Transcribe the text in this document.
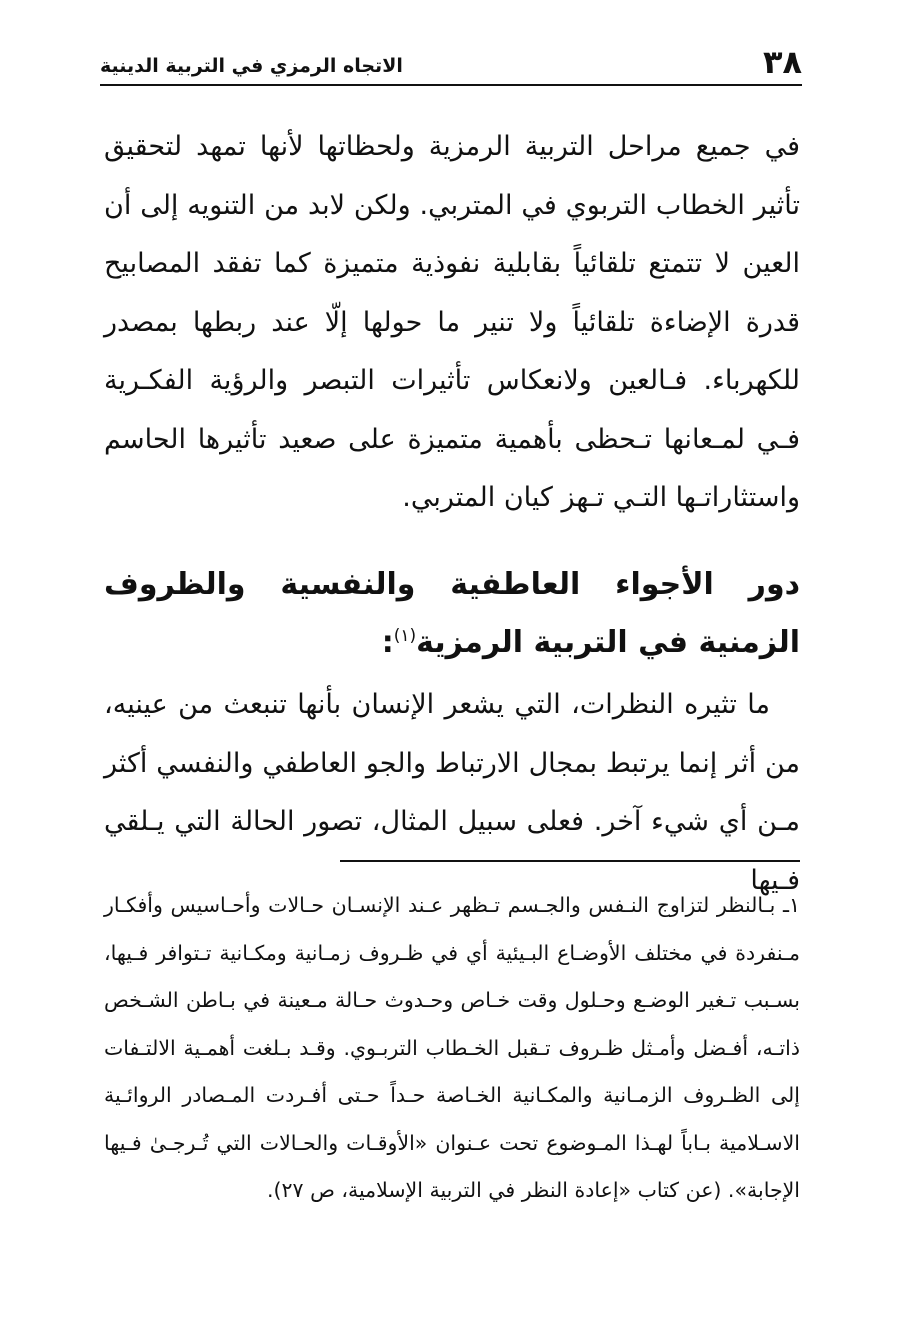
٣٨
الاتجاه الرمزي في التربية الدينية

في جميع مراحل التربية الرمزية ولحظاتها لأنها تمهد لتحقيق تأثير الخطاب التربوي في المتربي. ولكن لابد من التنويه إلى أن العين لا تتمتع تلقائياً بقابلية نفوذية متميزة كما تفقد المصابيح قدرة الإضاءة تلقائياً ولا تنير ما حولها إلّا عند ربطها بمصدر للكهرباء. فـالعين ولانعكاس تأثيرات التبصر والرؤية الفكـرية فـي لمـعانها تـحظى بأهمية متميزة على صعيد تأثيرها الحاسم واستثاراتـها التـي تـهز كيان المتربي.

دور الأجواء العاطفية والنفسية والظروف الزمنية في التربية الرمزية$^{(١)}$:

ما تثيره النظرات، التي يشعر الإنسان بأنها تنبعث من عينيه، من أثر إنما يرتبط بمجال الارتباط والجو العاطفي والنفسي أكثر مـن أي شيء آخر. فعلى سبيل المثال، تصور الحالة التي يـلقي فـيها

١ـ بـالنظر لتزاوج النـفس والجـسم تـظهر عـند الإنسـان حـالات وأحـاسيس وأفكـار مـنفردة في مختلف الأوضـاع البـيئية أي في ظـروف زمـانية ومكـانية تـتوافر فـيها، بسـبب تـغير الوضـع وحـلول وقت خـاص وحـدوث حـالة مـعينة في بـاطن الشـخص ذاتـه، أفـضل وأمـثل ظـروف تـقبل الخـطاب التربـوي. وقـد بـلغت أهمـية الالتـفات إلى الظـروف الزمـانية والمكـانية الخـاصة حـداً حـتى أفـردت المـصادر الروائـية الاسـلامية بـاباً لهـذا المـوضوع تحت عـنوان «الأوقـات والحـالات التي تُـرجـىٰ فـيها الإجابة». (عن كتاب «إعادة النظر في التربية الإسلامية، ص ٢٧).
